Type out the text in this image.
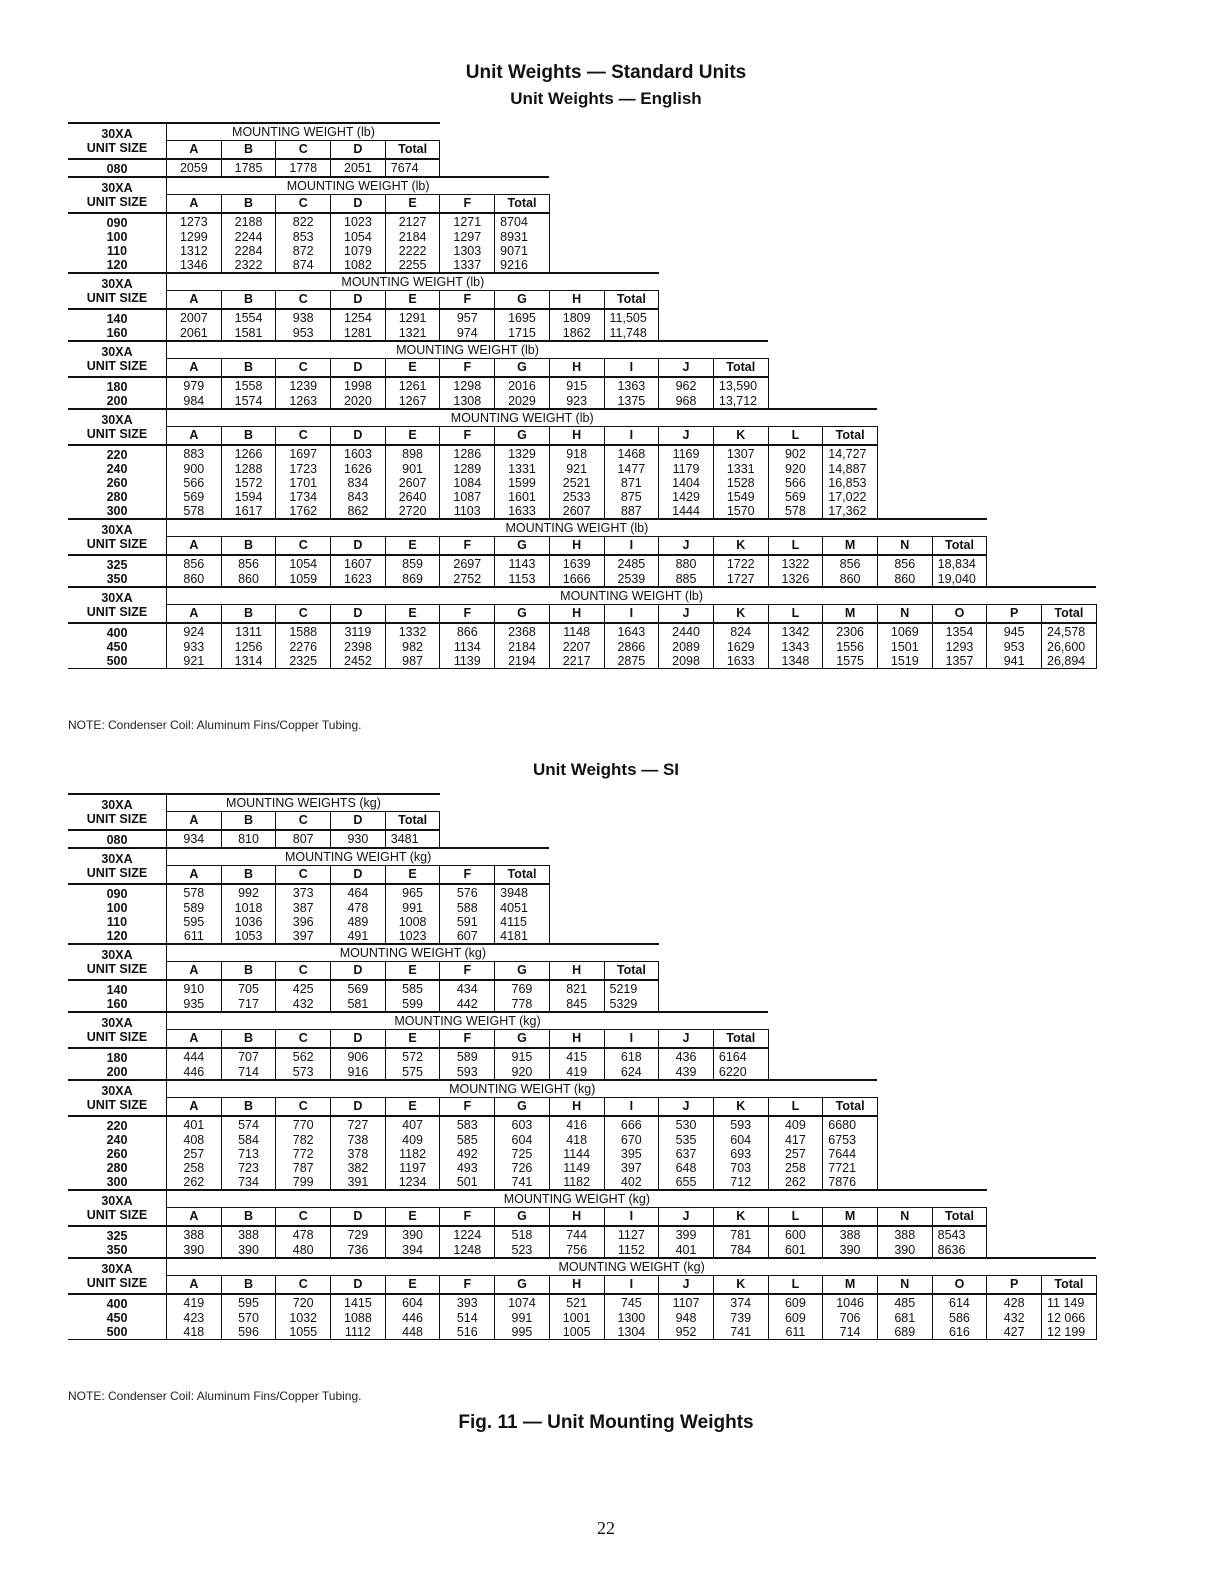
Unit Weights — Standard Units
Unit Weights — English
30XA
UNIT SIZE	MOUNTING WEIGHT (lb)																
	A	B	C	D	Total												
080	2059	1785	1778	2051	7674												

30XA
UNIT SIZE	MOUNTING WEIGHT (lb)																
	A	B	C	D	E	F	Total										
090	1273	2188	822	1023	2127	1271	8704										
100	1299	2244	853	1054	2184	1297	8931										
110	1312	2284	872	1079	2222	1303	9071										
120	1346	2322	874	1082	2255	1337	9216										

30XA
UNIT SIZE	MOUNTING WEIGHT (lb)																
	A	B	C	D	E	F	G	H	Total								
140	2007	1554	938	1254	1291	957	1695	1809	11,505								
160	2061	1581	953	1281	1321	974	1715	1862	11,748								

30XA
UNIT SIZE	MOUNTING WEIGHT (lb)																
	A	B	C	D	E	F	G	H	I	J	Total						
180	979	1558	1239	1998	1261	1298	2016	915	1363	962	13,590						
200	984	1574	1263	2020	1267	1308	2029	923	1375	968	13,712						

30XA
UNIT SIZE	MOUNTING WEIGHT (lb)																
	A	B	C	D	E	F	G	H	I	J	K	L	Total				
220	883	1266	1697	1603	898	1286	1329	918	1468	1169	1307	902	14,727				
240	900	1288	1723	1626	901	1289	1331	921	1477	1179	1331	920	14,887				
260	566	1572	1701	834	2607	1084	1599	2521	871	1404	1528	566	16,853				
280	569	1594	1734	843	2640	1087	1601	2533	875	1429	1549	569	17,022				
300	578	1617	1762	862	2720	1103	1633	2607	887	1444	1570	578	17,362				

30XA
UNIT SIZE	MOUNTING WEIGHT (lb)																
	A	B	C	D	E	F	G	H	I	J	K	L	M	N	Total		
325	856	856	1054	1607	859	2697	1143	1639	2485	880	1722	1322	856	856	18,834		
350	860	860	1059	1623	869	2752	1153	1666	2539	885	1727	1326	860	860	19,040		

30XA
UNIT SIZE	MOUNTING WEIGHT (lb)																
	A	B	C	D	E	F	G	H	I	J	K	L	M	N	O	P	Total
400	924	1311	1588	3119	1332	866	2368	1148	1643	2440	824	1342	2306	1069	1354	945	24,578
450	933	1256	2276	2398	982	1134	2184	2207	2866	2089	1629	1343	1556	1501	1293	953	26,600
500	921	1314	2325	2452	987	1139	2194	2217	2875	2098	1633	1348	1575	1519	1357	941	26,894
NOTE: Condenser Coil: Aluminum Fins/Copper Tubing.
Unit Weights — SI
30XA
UNIT SIZE	MOUNTING WEIGHTS (kg)																
	A	B	C	D	Total												
080	934	810	807	930	3481												

30XA
UNIT SIZE	MOUNTING WEIGHT (kg)																
	A	B	C	D	E	F	Total										
090	578	992	373	464	965	576	3948										
100	589	1018	387	478	991	588	4051										
110	595	1036	396	489	1008	591	4115										
120	611	1053	397	491	1023	607	4181										

30XA
UNIT SIZE	MOUNTING WEIGHT (kg)																
	A	B	C	D	E	F	G	H	Total								
140	910	705	425	569	585	434	769	821	5219								
160	935	717	432	581	599	442	778	845	5329								

30XA
UNIT SIZE	MOUNTING WEIGHT (kg)																
	A	B	C	D	E	F	G	H	I	J	Total						
180	444	707	562	906	572	589	915	415	618	436	6164						
200	446	714	573	916	575	593	920	419	624	439	6220						

30XA
UNIT SIZE	MOUNTING WEIGHT (kg)																
	A	B	C	D	E	F	G	H	I	J	K	L	Total				
220	401	574	770	727	407	583	603	416	666	530	593	409	6680				
240	408	584	782	738	409	585	604	418	670	535	604	417	6753				
260	257	713	772	378	1182	492	725	1144	395	637	693	257	7644				
280	258	723	787	382	1197	493	726	1149	397	648	703	258	7721				
300	262	734	799	391	1234	501	741	1182	402	655	712	262	7876				

30XA
UNIT SIZE	MOUNTING WEIGHT (kg)																
	A	B	C	D	E	F	G	H	I	J	K	L	M	N	Total		
325	388	388	478	729	390	1224	518	744	1127	399	781	600	388	388	8543		
350	390	390	480	736	394	1248	523	756	1152	401	784	601	390	390	8636		

30XA
UNIT SIZE	MOUNTING WEIGHT (kg)																
	A	B	C	D	E	F	G	H	I	J	K	L	M	N	O	P	Total
400	419	595	720	1415	604	393	1074	521	745	1107	374	609	1046	485	614	428	11 149
450	423	570	1032	1088	446	514	991	1001	1300	948	739	609	706	681	586	432	12 066
500	418	596	1055	1112	448	516	995	1005	1304	952	741	611	714	689	616	427	12 199
NOTE: Condenser Coil: Aluminum Fins/Copper Tubing.
Fig. 11 — Unit Mounting Weights
22
